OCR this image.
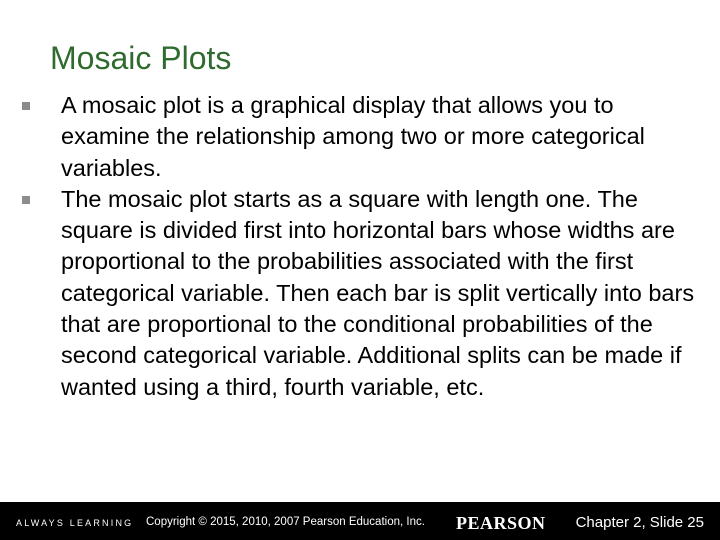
Mosaic Plots
A mosaic plot is a graphical display that allows you to examine the relationship among two or more categorical variables.
The mosaic plot starts as a square with length one. The square is divided first into horizontal bars whose widths are proportional to the probabilities associated with the first categorical variable. Then each bar is split vertically into bars that are proportional to the conditional probabilities of the second categorical variable. Additional splits can be made if wanted using a third, fourth variable, etc.
ALWAYS LEARNING Copyright © 2015, 2010, 2007 Pearson Education, Inc. PEARSON Chapter 2, Slide 25
